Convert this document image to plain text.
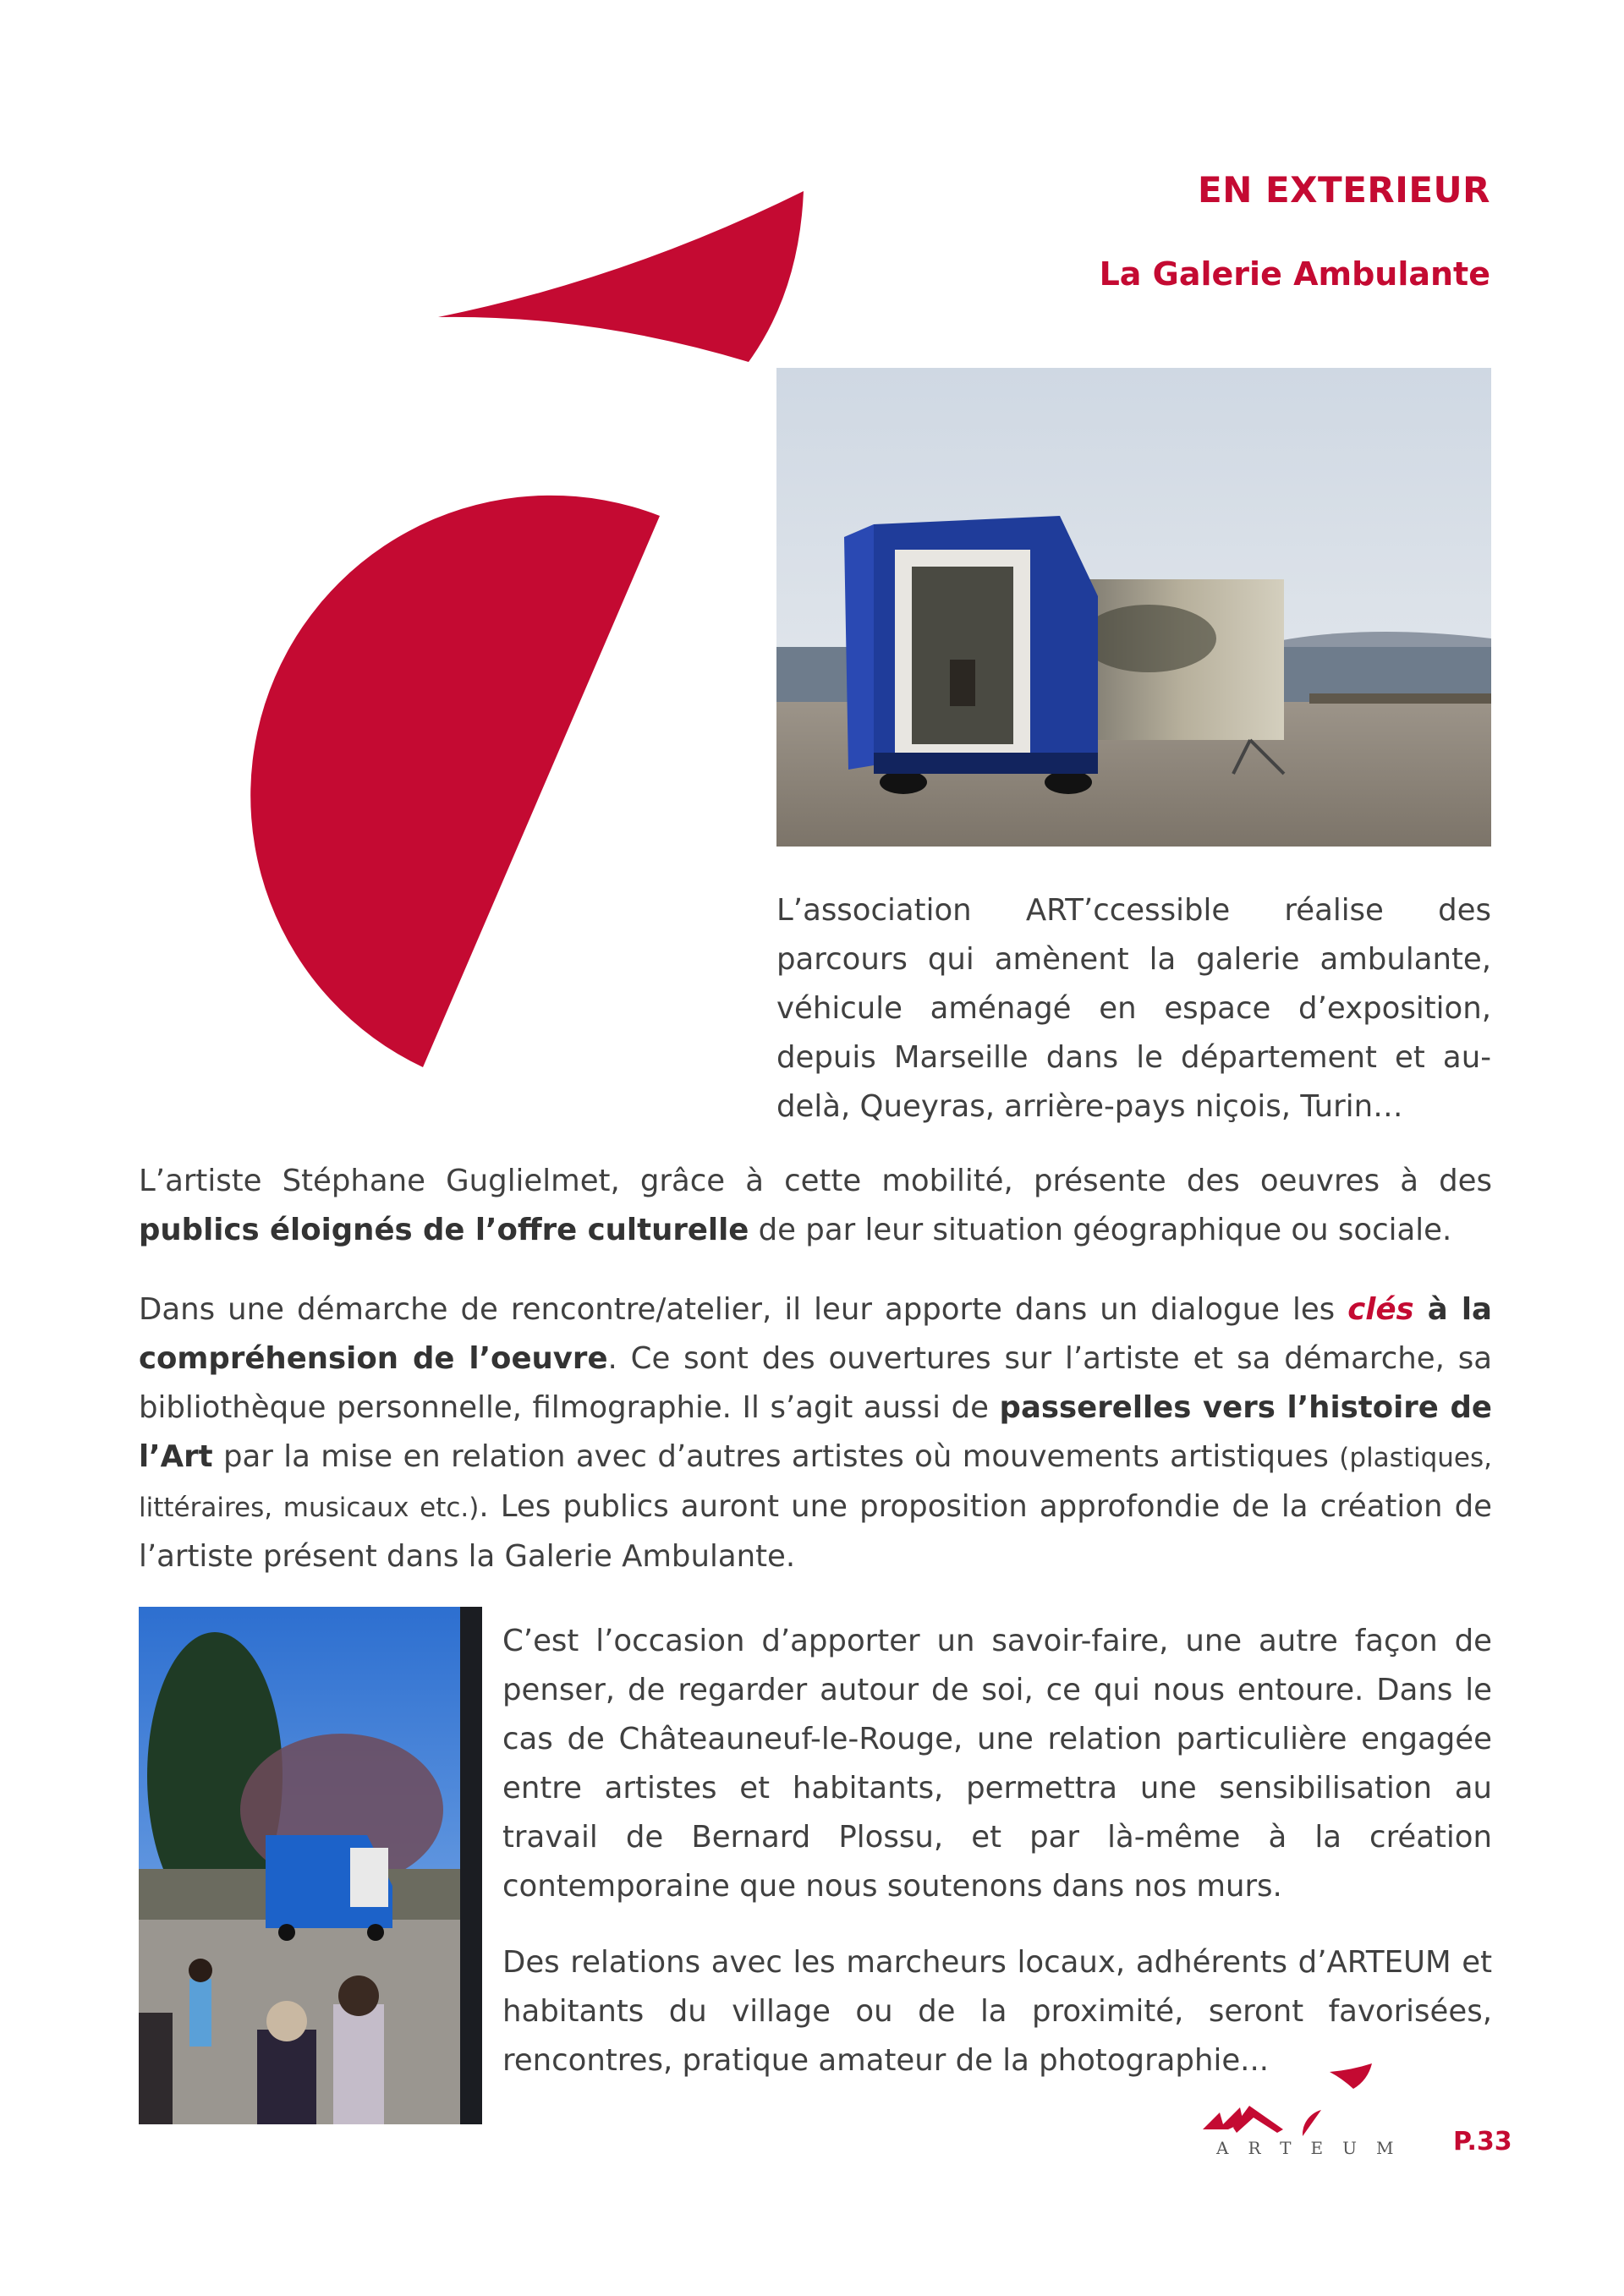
EN EXTERIEUR
La Galerie Ambulante

L’association ART’ccessible réalise des parcours qui amènent la galerie ambulante, véhicule aménagé en espace d’exposition, depuis Marseille dans le département et au-delà, Queyras, arrière-pays niçois, Turin…

L’artiste Stéphane Guglielmet, grâce à cette mobilité, présente des oeuvres à des publics éloignés de l’offre culturelle de par leur situation géographique ou sociale.

Dans une démarche de rencontre/atelier, il leur apporte dans un dialogue les clés à la compréhension de l’oeuvre. Ce sont des ouvertures sur l’artiste et sa démarche, sa bibliothèque personnelle, filmographie. Il s’agit aussi de passerelles vers l’histoire de l’Art par la mise en relation avec d’autres artistes où mouvements artistiques (plastiques, littéraires, musicaux etc.). Les publics auront une proposition approfondie de la création de l’artiste présent dans la Galerie Ambulante.

C’est l’occasion d’apporter un savoir-faire, une autre façon de penser, de regarder autour de soi, ce qui nous entoure. Dans le cas de Châteauneuf-le-Rouge, une relation particulière engagée entre artistes et habitants, permettra une sensibilisation au travail de Bernard Plossu, et par là-même à la création contemporaine que nous soutenons dans nos murs.

Des relations avec les marcheurs locaux, adhérents d’ARTEUM et habitants du village ou de la proximité, seront favorisées, rencontres, pratique amateur de la photographie...

ARTEUM P.33
